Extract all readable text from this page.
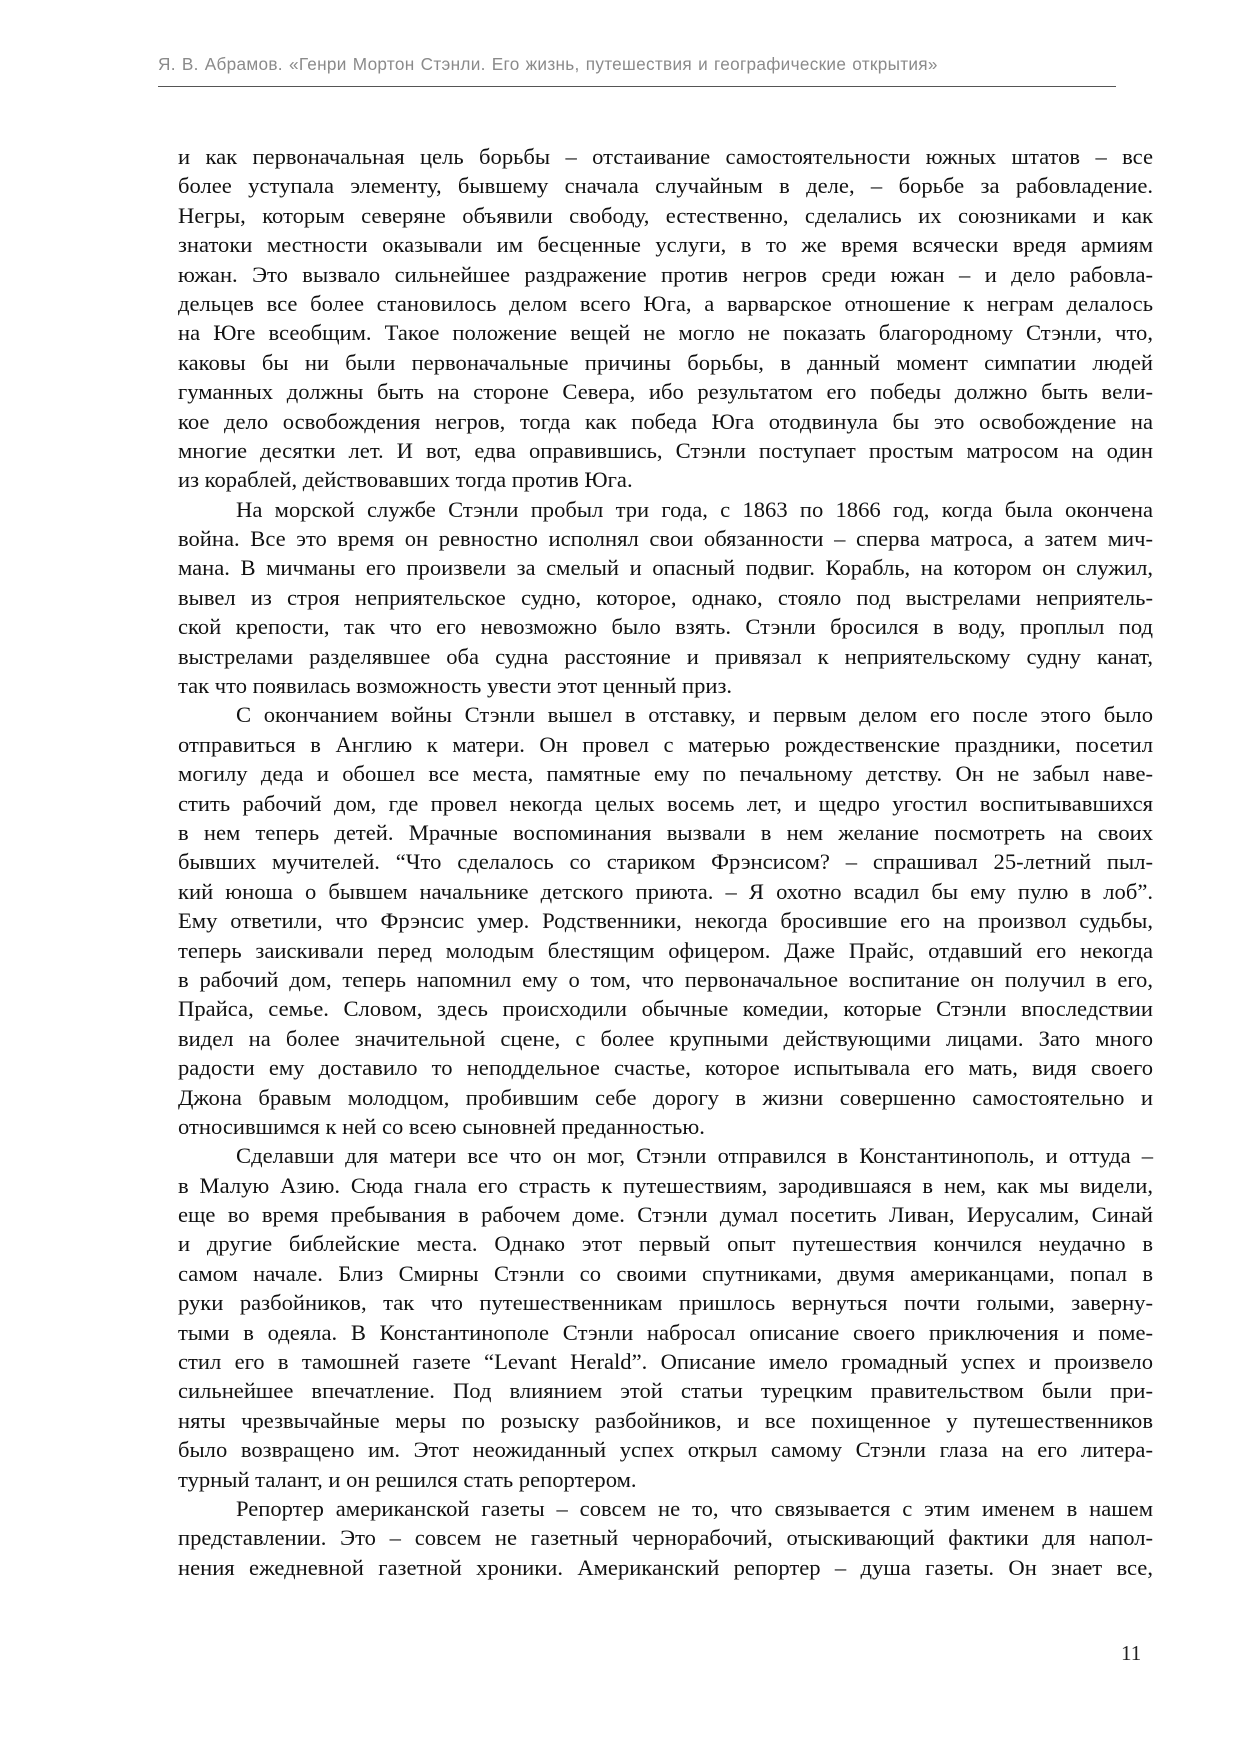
Я. В. Абрамов. «Генри Мортон Стэнли. Его жизнь, путешествия и географические открытия»
и как первоначальная цель борьбы – отстаивание самостоятельности южных штатов – все
более уступала элементу, бывшему сначала случайным в деле, – борьбе за рабовладение.
Негры, которым северяне объявили свободу, естественно, сделались их союзниками и как
знатоки местности оказывали им бесценные услуги, в то же время всячески вредя армиям
южан. Это вызвало сильнейшее раздражение против негров среди южан – и дело рабовла-
дельцев все более становилось делом всего Юга, а варварское отношение к неграм делалось
на Юге всеобщим. Такое положение вещей не могло не показать благородному Стэнли, что,
каковы бы ни были первоначальные причины борьбы, в данный момент симпатии людей
гуманных должны быть на стороне Севера, ибо результатом его победы должно быть вели-
кое дело освобождения негров, тогда как победа Юга отодвинула бы это освобождение на
многие десятки лет. И вот, едва оправившись, Стэнли поступает простым матросом на один
из кораблей, действовавших тогда против Юга.
На морской службе Стэнли пробыл три года, с 1863 по 1866 год, когда была окончена
война. Все это время он ревностно исполнял свои обязанности – сперва матроса, а затем мич-
мана. В мичманы его произвели за смелый и опасный подвиг. Корабль, на котором он служил,
вывел из строя неприятельское судно, которое, однако, стояло под выстрелами неприятель-
ской крепости, так что его невозможно было взять. Стэнли бросился в воду, проплыл под
выстрелами разделявшее оба судна расстояние и привязал к неприятельскому судну канат,
так что появилась возможность увести этот ценный приз.
С окончанием войны Стэнли вышел в отставку, и первым делом его после этого было
отправиться в Англию к матери. Он провел с матерью рождественские праздники, посетил
могилу деда и обошел все места, памятные ему по печальному детству. Он не забыл наве-
стить рабочий дом, где провел некогда целых восемь лет, и щедро угостил воспитывавшихся
в нем теперь детей. Мрачные воспоминания вызвали в нем желание посмотреть на своих
бывших мучителей. “Что сделалось со стариком Фрэнсисом? – спрашивал 25-летний пыл-
кий юноша о бывшем начальнике детского приюта. – Я охотно всадил бы ему пулю в лоб”.
Ему ответили, что Фрэнсис умер. Родственники, некогда бросившие его на произвол судьбы,
теперь заискивали перед молодым блестящим офицером. Даже Прайс, отдавший его некогда
в рабочий дом, теперь напомнил ему о том, что первоначальное воспитание он получил в его,
Прайса, семье. Словом, здесь происходили обычные комедии, которые Стэнли впоследствии
видел на более значительной сцене, с более крупными действующими лицами. Зато много
радости ему доставило то неподдельное счастье, которое испытывала его мать, видя своего
Джона бравым молодцом, пробившим себе дорогу в жизни совершенно самостоятельно и
относившимся к ней со всею сыновней преданностью.
Сделавши для матери все что он мог, Стэнли отправился в Константинополь, и оттуда –
в Малую Азию. Сюда гнала его страсть к путешествиям, зародившаяся в нем, как мы видели,
еще во время пребывания в рабочем доме. Стэнли думал посетить Ливан, Иерусалим, Синай
и другие библейские места. Однако этот первый опыт путешествия кончился неудачно в
самом начале. Близ Смирны Стэнли со своими спутниками, двумя американцами, попал в
руки разбойников, так что путешественникам пришлось вернуться почти голыми, заверну-
тыми в одеяла. В Константинополе Стэнли набросал описание своего приключения и поме-
стил его в тамошней газете “Levant Herald”. Описание имело громадный успех и произвело
сильнейшее впечатление. Под влиянием этой статьи турецким правительством были при-
няты чрезвычайные меры по розыску разбойников, и все похищенное у путешественников
было возвращено им. Этот неожиданный успех открыл самому Стэнли глаза на его литера-
турный талант, и он решился стать репортером.
Репортер американской газеты – совсем не то, что связывается с этим именем в нашем
представлении. Это – совсем не газетный чернорабочий, отыскивающий фактики для напол-
нения ежедневной газетной хроники. Американский репортер – душа газеты. Он знает все,
11
